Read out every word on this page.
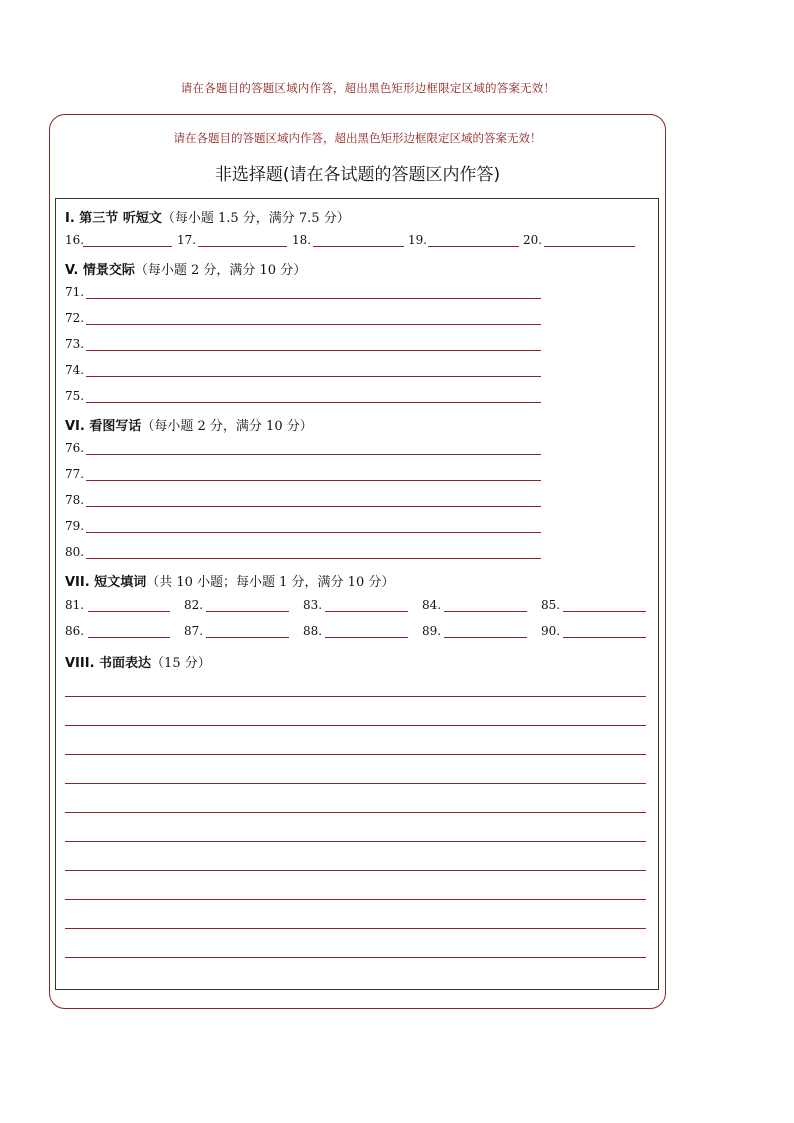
请在各题目的答题区域内作答，超出黑色矩形边框限定区域的答案无效！
请在各题目的答题区域内作答，超出黑色矩形边框限定区域的答案无效！
非选择题(请在各试题的答题区内作答)
I. 第三节 听短文（每小题 1.5 分，满分 7.5 分）
16.	17.	18.	19.	20.
V. 情景交际（每小题 2 分，满分 10 分）
71.
72.
73.
74.
75.
VI. 看图写话（每小题 2 分，满分 10 分）
76.
77.
78.
79.
80.
VII. 短文填词（共 10 小题；每小题 1 分，满分 10 分）
81.	82.	83.	84.	85.
86.	87.	88.	89.	90.
VIII. 书面表达（15 分）
